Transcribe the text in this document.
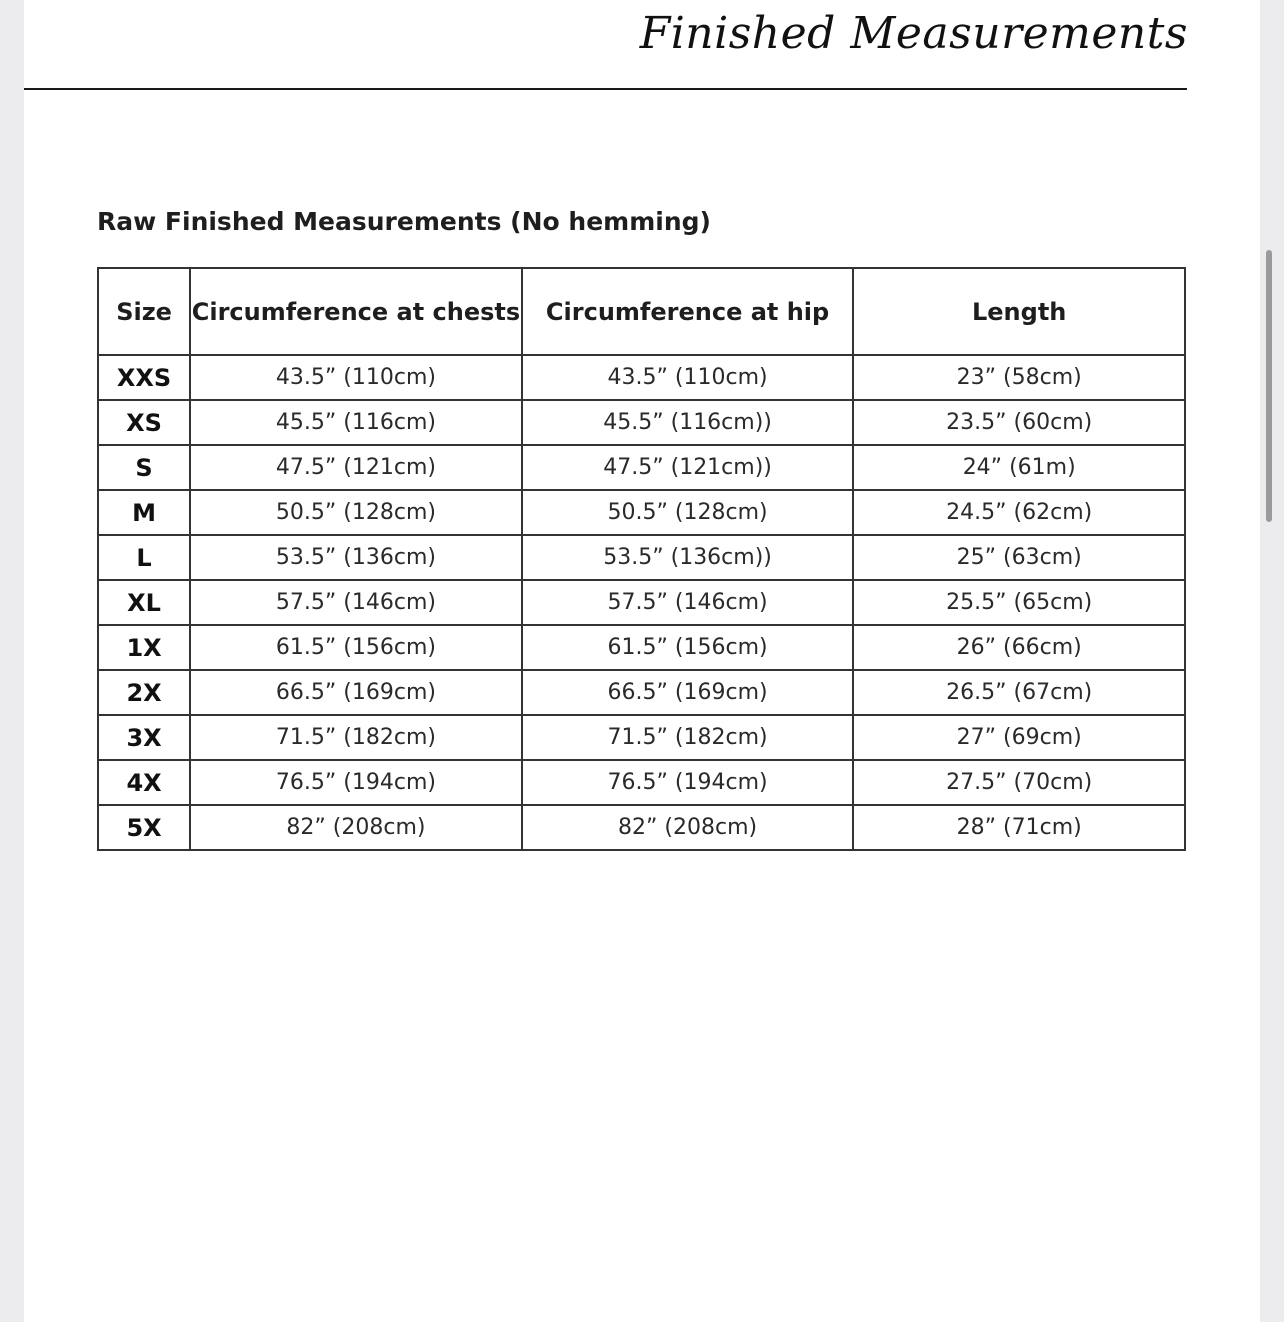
Finished Measurements
Raw Finished Measurements (No hemming)
Size	Circumference at chests	Circumference at hip	Length
XXS	43.5” (110cm)	43.5” (110cm)	23” (58cm)
XS	45.5” (116cm)	45.5” (116cm))	23.5” (60cm)
S	47.5” (121cm)	47.5” (121cm))	24” (61m)
M	50.5” (128cm)	50.5” (128cm)	24.5” (62cm)
L	53.5” (136cm)	53.5” (136cm))	25” (63cm)
XL	57.5” (146cm)	57.5” (146cm)	25.5” (65cm)
1X	61.5” (156cm)	61.5” (156cm)	26” (66cm)
2X	66.5” (169cm)	66.5” (169cm)	26.5” (67cm)
3X	71.5” (182cm)	71.5” (182cm)	27” (69cm)
4X	76.5” (194cm)	76.5” (194cm)	27.5” (70cm)
5X	82” (208cm)	82” (208cm)	28” (71cm)
